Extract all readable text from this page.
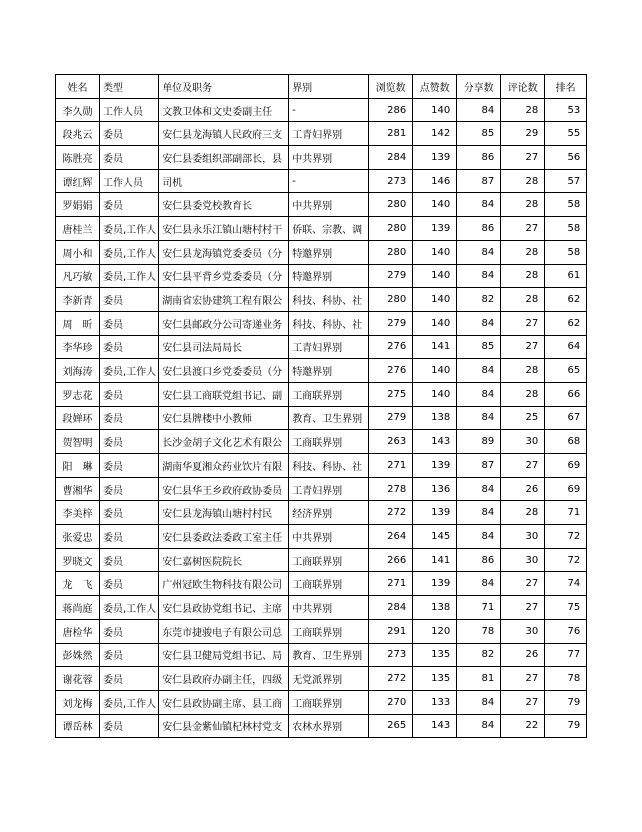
姓名	类型	单位及职务	界别	浏览数	点赞数	分享数	评论数	排名
李久勋	工作人员	文教卫体和文史委副主任	-	286	140	84	28	53
段兆云	委员	安仁县龙海镇人民政府三支	工青妇界别	281	142	85	29	55
陈胜亮	委员	安仁县委组织部副部长，县	中共界别	284	139	86	27	56
谭红辉	工作人员	司机	-	273	146	87	28	57
罗娟娟	委员	安仁县委党校教育长	中共界别	280	140	84	28	58
唐桂兰	委员,工作人	安仁县永乐江镇山塘村村干	侨联、宗教、调	280	139	86	27	58
周小和	委员,工作人	安仁县龙海镇党委委员（分	特邀界别	280	140	84	28	58
凡巧敏	委员,工作人	安仁县平背乡党委委员（分	特邀界别	279	140	84	28	61
李新青	委员	湖南省宏协建筑工程有限公	科技、科协、社	280	140	82	28	62
周　昕	委员	安仁县邮政分公司寄递业务	科技、科协、社	279	140	84	27	62
李华珍	委员	安仁县司法局局长	工青妇界别	276	141	85	27	64
刘海涛	委员,工作人	安仁县渡口乡党委委员（分	特邀界别	276	140	84	28	65
罗志花	委员	安仁县工商联党组书记、副	工商联界别	275	140	84	28	66
段婵环	委员	安仁县牌楼中小教师	教育、卫生界别	279	138	84	25	67
贺智明	委员	长沙金胡子文化艺术有限公	工商联界别	263	143	89	30	68
阳　琳	委员	湖南华夏湘众药业饮片有限	科技、科协、社	271	139	87	27	69
曹湘华	委员	安仁县华王乡政府政协委员	工青妇界别	278	136	84	26	69
李美梓	委员	安仁县龙海镇山塘村村民	经济界别	272	139	84	28	71
张爱忠	委员	安仁县委政法委政工室主任	中共界别	264	145	84	30	72
罗晓文	委员	安仁嘉树医院院长	工商联界别	266	141	86	30	72
龙　飞	委员	广州冠欧生物科技有限公司	工商联界别	271	139	84	27	74
蒋尚庭	委员,工作人	安仁县政协党组书记、主席	中共界别	284	138	71	27	75
唐检华	委员	东莞市捷骏电子有限公司总	工商联界别	291	120	78	30	76
彭姝然	委员	安仁县卫健局党组书记、局	教育、卫生界别	273	135	82	26	77
谢花蓉	委员	安仁县政府办副主任，四级	无党派界别	272	135	81	27	78
刘龙梅	委员,工作人	安仁县政协副主席、县工商	工商联界别	270	133	84	27	79
谭岳林	委员	安仁县金紫仙镇杞林村党支	农林水界别	265	143	84	22	79
